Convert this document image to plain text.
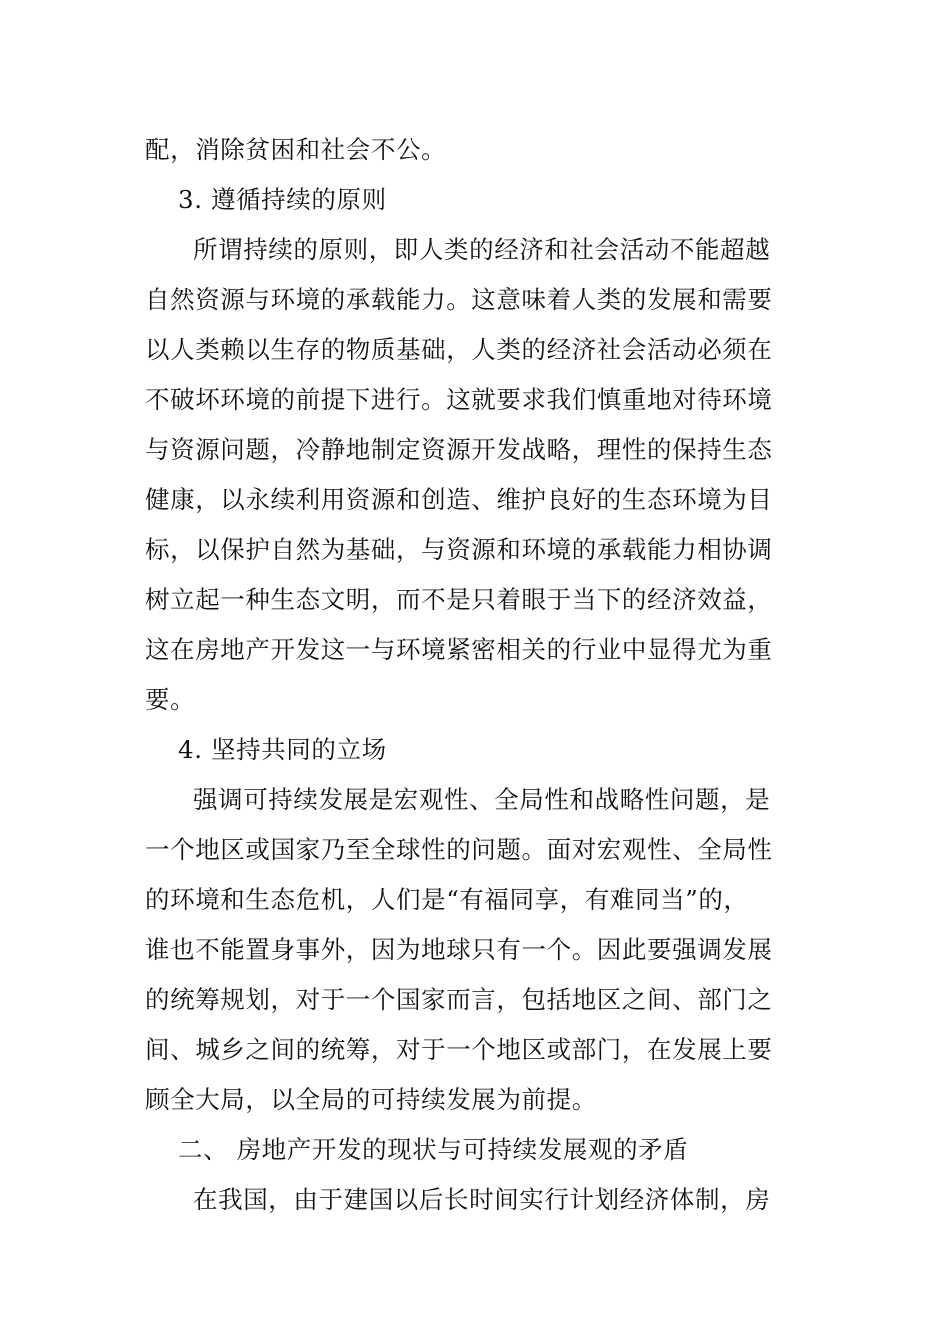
配，消除贫困和社会不公。
3. 遵循持续的原则
所谓持续的原则，即人类的经济和社会活动不能超越
自然资源与环境的承载能力。这意味着人类的发展和需要
以人类赖以生存的物质基础，人类的经济社会活动必须在
不破坏环境的前提下进行。这就要求我们慎重地对待环境
与资源问题，冷静地制定资源开发战略，理性的保持生态
健康，以永续利用资源和创造、维护良好的生态环境为目
标，以保护自然为基础，与资源和环境的承载能力相协调
树立起一种生态文明，而不是只着眼于当下的经济效益，
这在房地产开发这一与环境紧密相关的行业中显得尤为重
要。
4. 坚持共同的立场
强调可持续发展是宏观性、全局性和战略性问题，是
一个地区或国家乃至全球性的问题。面对宏观性、全局性
的环境和生态危机，人们是“有福同享，有难同当”的，
谁也不能置身事外，因为地球只有一个。因此要强调发展
的统筹规划，对于一个国家而言，包括地区之间、部门之
间、城乡之间的统筹，对于一个地区或部门，在发展上要
顾全大局，以全局的可持续发展为前提。
二、 房地产开发的现状与可持续发展观的矛盾
在我国，由于建国以后长时间实行计划经济体制，房
